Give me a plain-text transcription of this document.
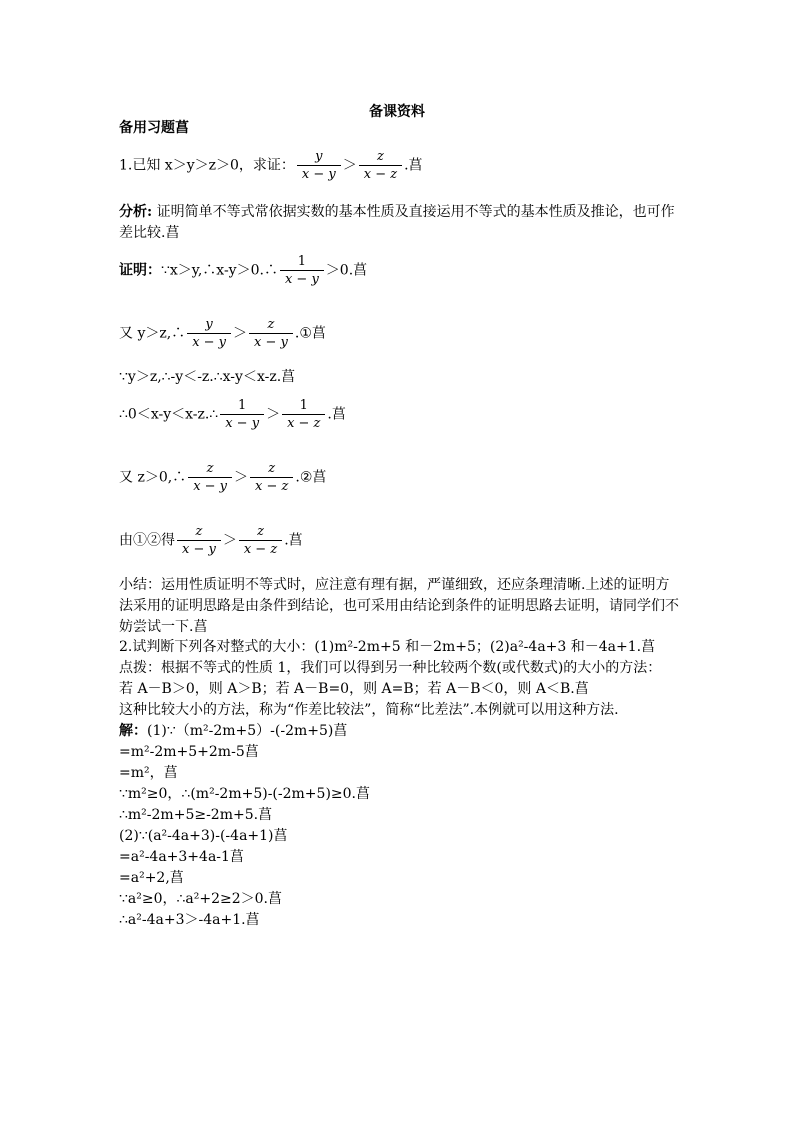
备课资料
备用习题菖
1.已知 x＞y＞z＞0，求证： $\frac{y}{x - y} > \frac{z}{x - z}$ .菖
分析: 证明简单不等式常依据实数的基本性质及直接运用不等式的基本性质及推论，也可作
差比较.菖
证明：∵x＞y,∴x-y＞0.∴ $\frac{1}{x - y} >0$.菖
又 y＞z,∴ $\frac{y}{x - y} > \frac{z}{x - y}$ .①菖
∵y＞z,∴-y＜-z.∴x-y＜x-z.菖
∴0＜x-y＜x-z.∴ $\frac{1}{x - y} > \frac{1}{x - z}$ .菖
又 z＞0,∴ $\frac{z}{x - y} > \frac{z}{x - z}$ .②菖
由①②得 $\frac{z}{x - y} > \frac{z}{x - z}$ .菖
小结：运用性质证明不等式时，应注意有理有据，严谨细致，还应条理清晰.上述的证明方
法采用的证明思路是由条件到结论，也可采用由结论到条件的证明思路去证明，请同学们不
妨尝试一下.菖
2.试判断下列各对整式的大小：(1)m²-2m+5 和－2m+5；(2)a²-4a+3 和－4a+1.菖
点拨：根据不等式的性质 1，我们可以得到另一种比较两个数(或代数式)的大小的方法：
若 A－B＞0，则 A＞B；若 A－B=0，则 A=B；若 A－B＜0，则 A＜B.菖
这种比较大小的方法，称为“作差比较法”，简称“比差法”.本例就可以用这种方法.
解：(1)∵（m²-2m+5）-(-2m+5)菖
=m²-2m+5+2m-5菖
=m²，菖
∵m²≥0，∴(m²-2m+5)-(-2m+5)≥0.菖
∴m²-2m+5≥-2m+5.菖
(2)∵(a²-4a+3)-(-4a+1)菖
=a²-4a+3+4a-1菖
=a²+2,菖
∵a²≥0，∴a²+2≥2＞0.菖
∴a²-4a+3＞-4a+1.菖
